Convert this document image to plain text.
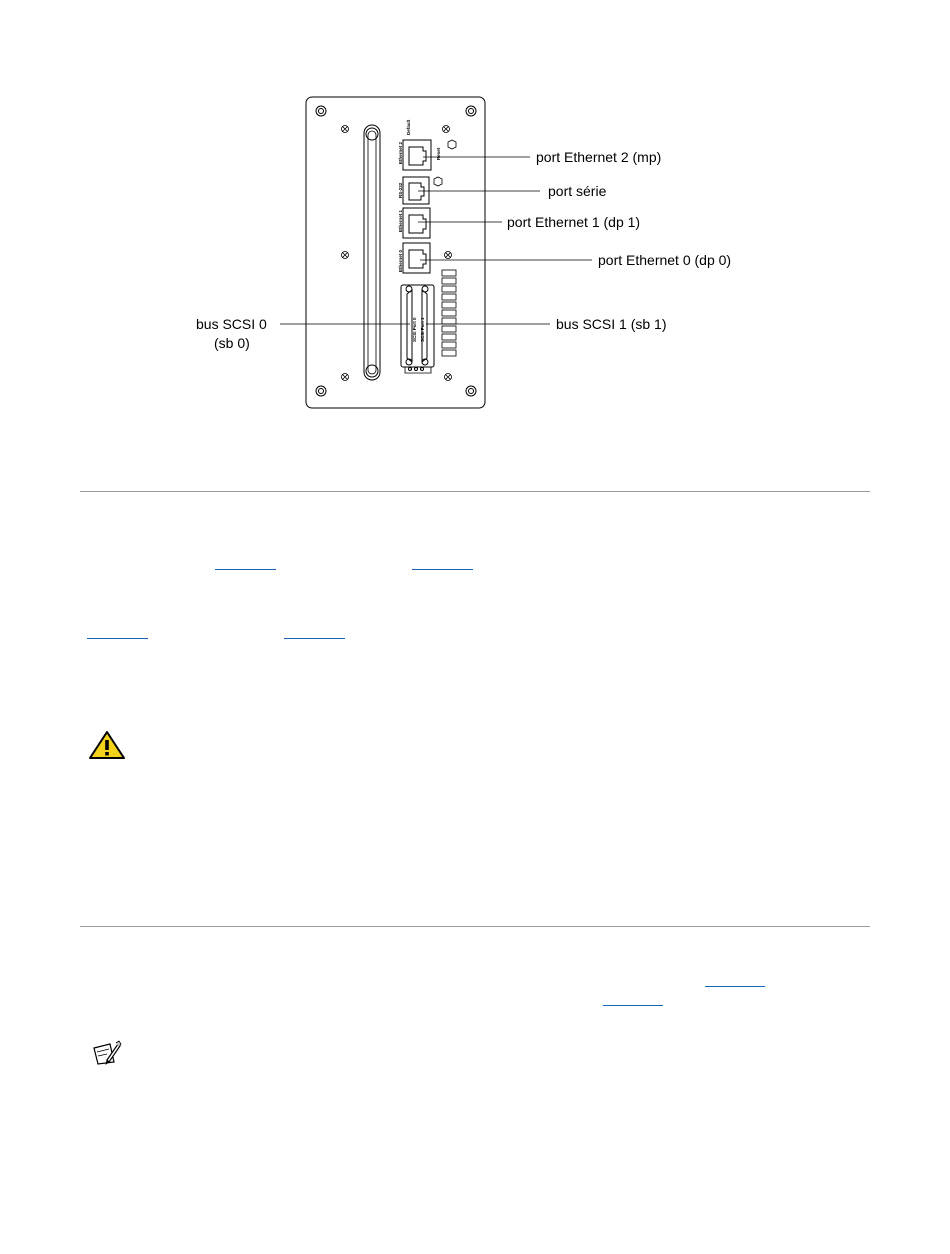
Default
Reset
Ethernet 2
RS-232
Ethernet 1
Ethernet 0
SCSI Port 0 SCSI Port 1
port Ethernet 2 (mp)
port série
port Ethernet 1 (dp 1)
port Ethernet 0 (dp 0)
bus SCSI 0
(sb 0)
bus SCSI 1 (sb 1)
